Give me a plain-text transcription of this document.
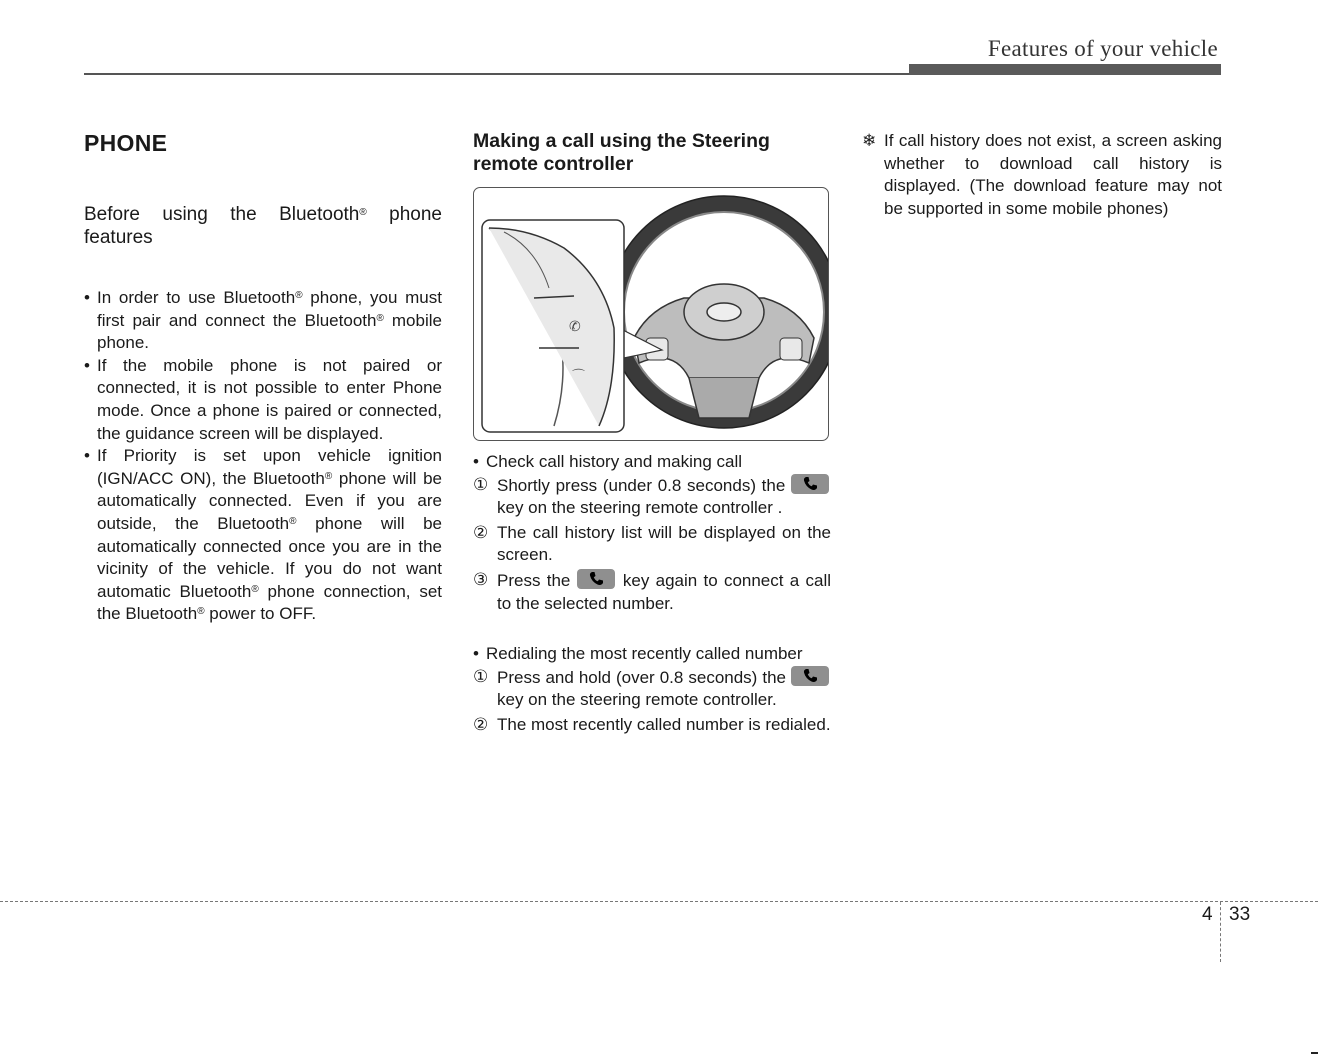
Features of your vehicle
PHONE

Before using the Bluetooth® phone features

• In order to use Bluetooth® phone, you must first pair and connect the Bluetooth® mobile phone.
• If the mobile phone is not paired or connected, it is not possible to enter Phone mode. Once a phone is paired or connected, the guidance screen will be displayed.
• If Priority is set upon vehicle ignition (IGN/ACC ON), the Bluetooth® phone will be automatically connected. Even if you are outside, the Bluetooth® phone will be automatically connected once you are in the vicinity of the vehicle. If you do not want automatic Bluetooth® phone connection, set the Bluetooth® power to OFF.
Making a call using the Steering remote controller
✆
⌒

• Check call history and making call

① Shortly press (under 0.8 seconds) the
key on the steering remote controller .

② The call history list will be displayed on the screen.

③ Press the
key again to connect a call to the selected number.

• Redialing the most recently called number

① Press and hold (over 0.8 seconds) the
key on the steering remote controller.

② The most recently called number is redialed.

❄ If call history does not exist, a screen asking whether to download call history is displayed. (The download feature may not be supported in some mobile phones)

4 33
